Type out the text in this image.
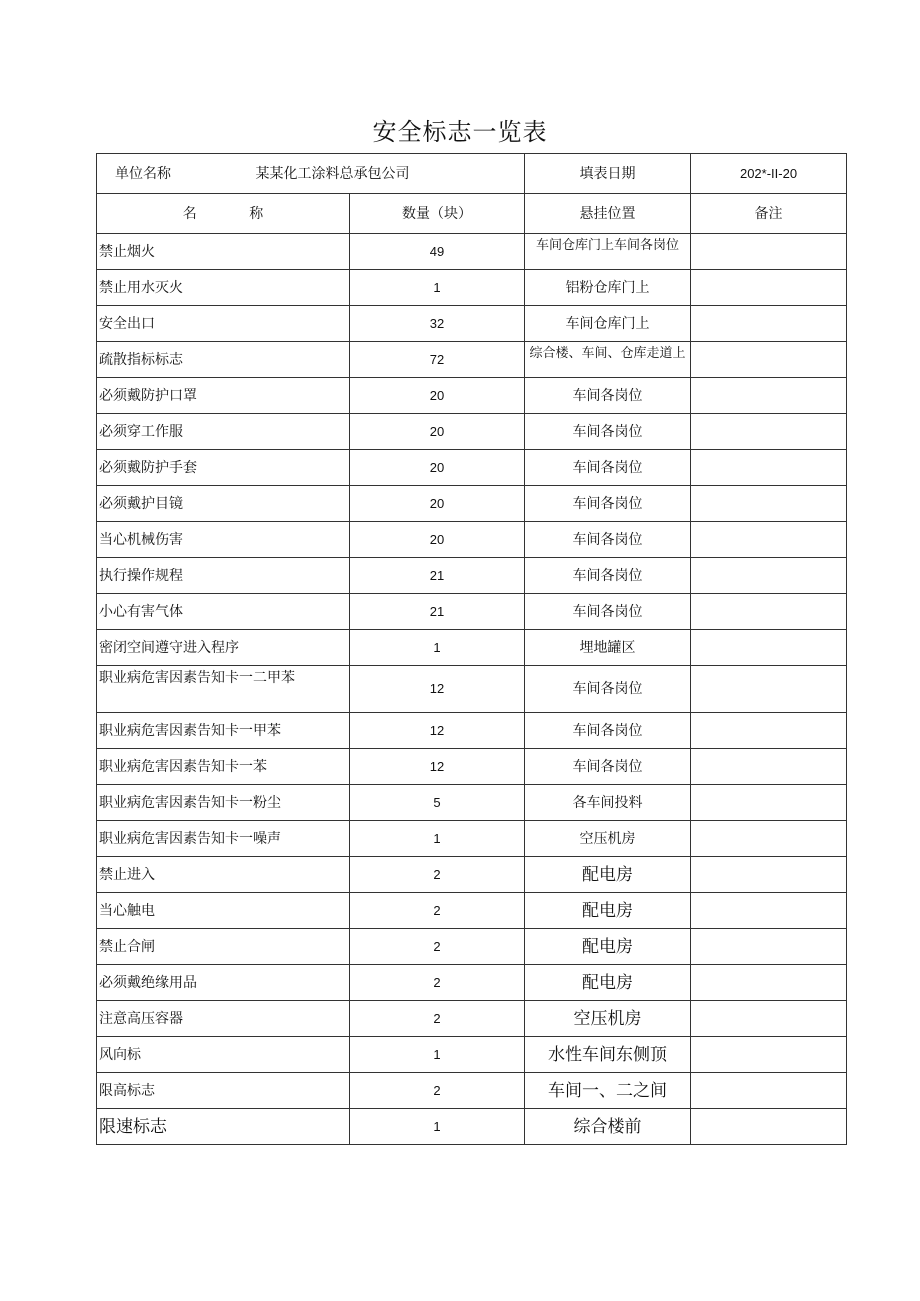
安全标志一览表
单位名称 某某化工涂料总承包公司		填表日期	202*-II-20
名 称	数量（块）	悬挂位置	备注
禁止烟火	49	车间仓库门上车间各岗位	

禁止用水灭火	1	铝粉仓库门上	
安全出口	32	车间仓库门上	
疏散指标标志	72	综合楼、车间、仓库走道上	

必须戴防护口罩	20	车间各岗位	
必须穿工作服	20	车间各岗位	
必须戴防护手套	20	车间各岗位	
必须戴护目镜	20	车间各岗位	
当心机械伤害	20	车间各岗位	
执行操作规程	21	车间各岗位	
小心有害气体	21	车间各岗位	
密闭空间遵守进入程序	1	埋地罐区	
职业病危害因素告知卡一二甲苯	12	车间各岗位	
职业病危害因素告知卡一甲苯	12	车间各岗位	
职业病危害因素告知卡一苯	12	车间各岗位	
职业病危害因素告知卡一粉尘	5	各车间投料	
职业病危害因素告知卡一噪声	1	空压机房	
禁止进入	2	配电房	
当心触电	2	配电房	
禁止合闸	2	配电房	
必须戴绝缘用品	2	配电房	
注意高压容器	2	空压机房	
风向标	1	水性车间东侧顶	
限高标志	2	车间一、二之间	
限速标志	1	综合楼前	
